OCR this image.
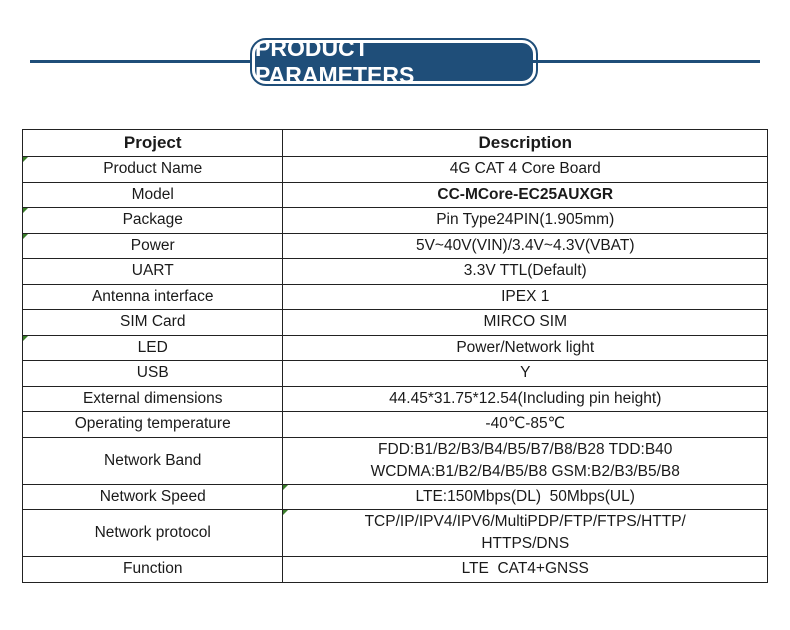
PRODUCT PARAMETERS
Project	Description
Product Name	4G CAT 4 Core Board
Model	CC-MCore-EC25AUXGR
Package	Pin Type24PIN(1.905mm)
Power	5V~40V(VIN)/3.4V~4.3V(VBAT)
UART	3.3V TTL(Default)
Antenna interface	IPEX 1
SIM Card	MIRCO SIM
LED	Power/Network light
USB	Y
External dimensions	44.45*31.75*12.54(Including pin height)
Operating temperature	-40℃-85℃
Network Band	FDD:B1/B2/B3/B4/B5/B7/B8/B28 TDD:B40
WCDMA:B1/B2/B4/B5/B8 GSM:B2/B3/B5/B8

Network Speed	LTE:150Mbps(DL)  50Mbps(UL)
Network protocol	TCP/IP/IPV4/IPV6/MultiPDP/FTP/FTPS/HTTP/
HTTPS/DNS

Function	LTE  CAT4+GNSS
